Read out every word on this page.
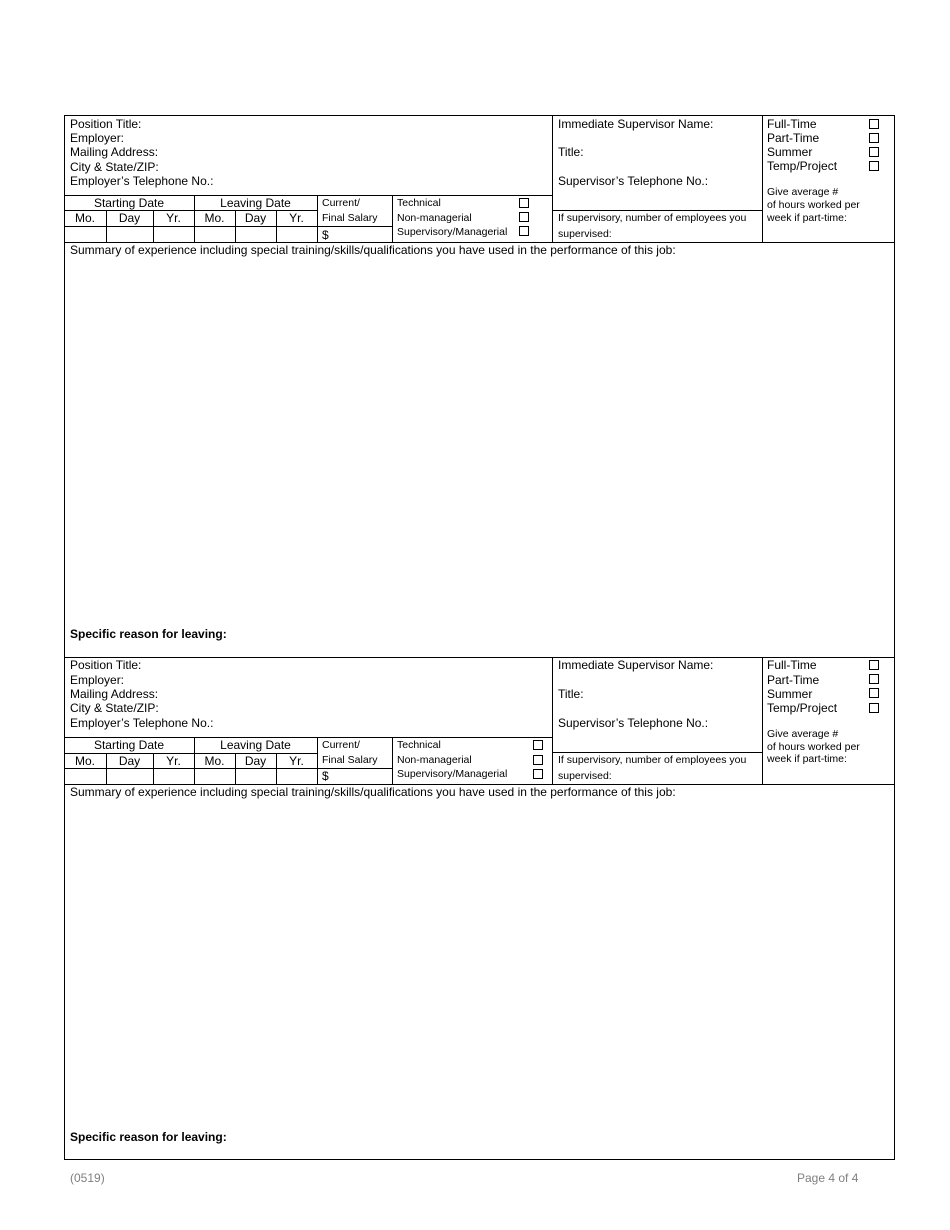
Position Title:
Employer:
Mailing Address:
City & State/ZIP:
Employer’s Telephone No.:
Starting Date	Leaving Date
Mo.	Day	Yr.	Mo.	Day	Yr.
Current/
Final Salary
$
Technical
Non-managerial
Supervisory/Managerial
Immediate Supervisor Name:
Title:
Supervisor’s Telephone No.:
If supervisory, number of employees you
supervised:
Full-Time
Part-Time
Summer
Temp/Project
Give average #
of hours worked per
week if part-time:
Summary of experience including special training/skills/qualifications you have used in the performance of this job:
Specific reason for leaving:
Position Title:
Employer:
Mailing Address:
City & State/ZIP:
Employer’s Telephone No.:
Starting Date	Leaving Date
Mo.	Day	Yr.	Mo.	Day	Yr.
Current/
Final Salary
$
Technical
Non-managerial
Supervisory/Managerial
Immediate Supervisor Name:
Title:
Supervisor’s Telephone No.:
If supervisory, number of employees you
supervised:
Full-Time
Part-Time
Summer
Temp/Project
Give average #
of hours worked per
week if part-time:
Summary of experience including special training/skills/qualifications you have used in the performance of this job:
Specific reason for leaving:
(0519)	Page 4 of 4
